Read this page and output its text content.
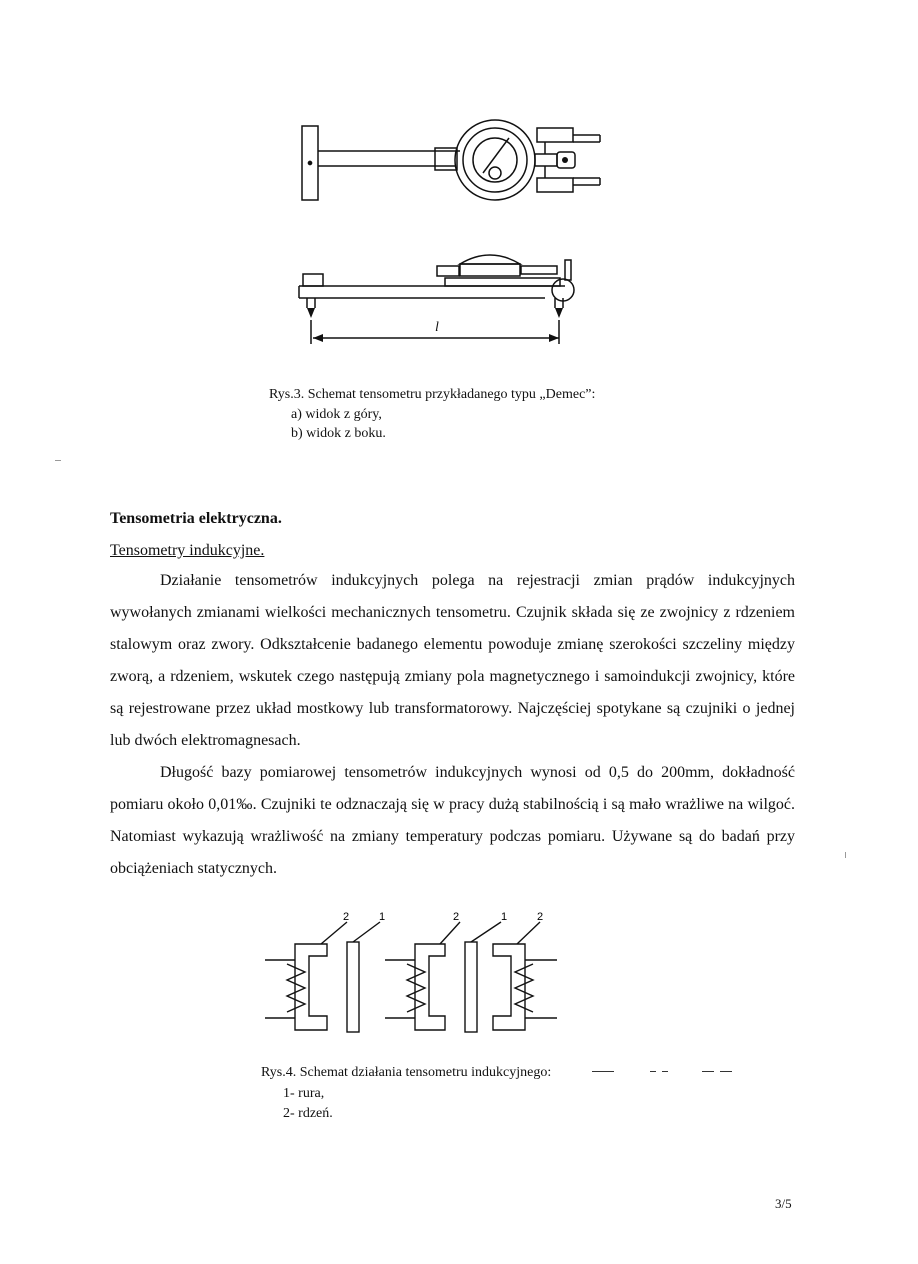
l
Rys.3. Schemat tensometru przykładanego typu „Demec”:
a) widok z góry,
b) widok z boku.
Tensometria elektryczna.
Tensometry indukcyjne.

Działanie tensometrów indukcyjnych polega na rejestracji zmian prądów indukcyjnych wywołanych zmianami wielkości mechanicznych tensometru. Czujnik składa się ze zwojnicy z rdzeniem stalowym oraz zwory. Odkształcenie badanego elementu powoduje zmianę szerokości szczeliny między zworą, a rdzeniem, wskutek czego następują zmiany pola magnetycznego i samoindukcji zwojnicy, które są rejestrowane przez układ mostkowy lub transformatorowy. Najczęściej spotykane są czujniki o jednej lub dwóch elektromagnesach.

Długość bazy pomiarowej tensometrów indukcyjnych wynosi od 0,5 do 200mm, dokładność pomiaru około 0,01‰. Czujniki te odznaczają się w pracy dużą stabilnością i są mało wrażliwe na wilgoć. Natomiast wykazują wrażliwość na zmiany temperatury podczas pomiaru. Używane są do badań przy obciążeniach statycznych.

2	1	2	1	2
Rys.4. Schemat działania tensometru indukcyjnego:
1- rura,
2- rdzeń.
3/5
